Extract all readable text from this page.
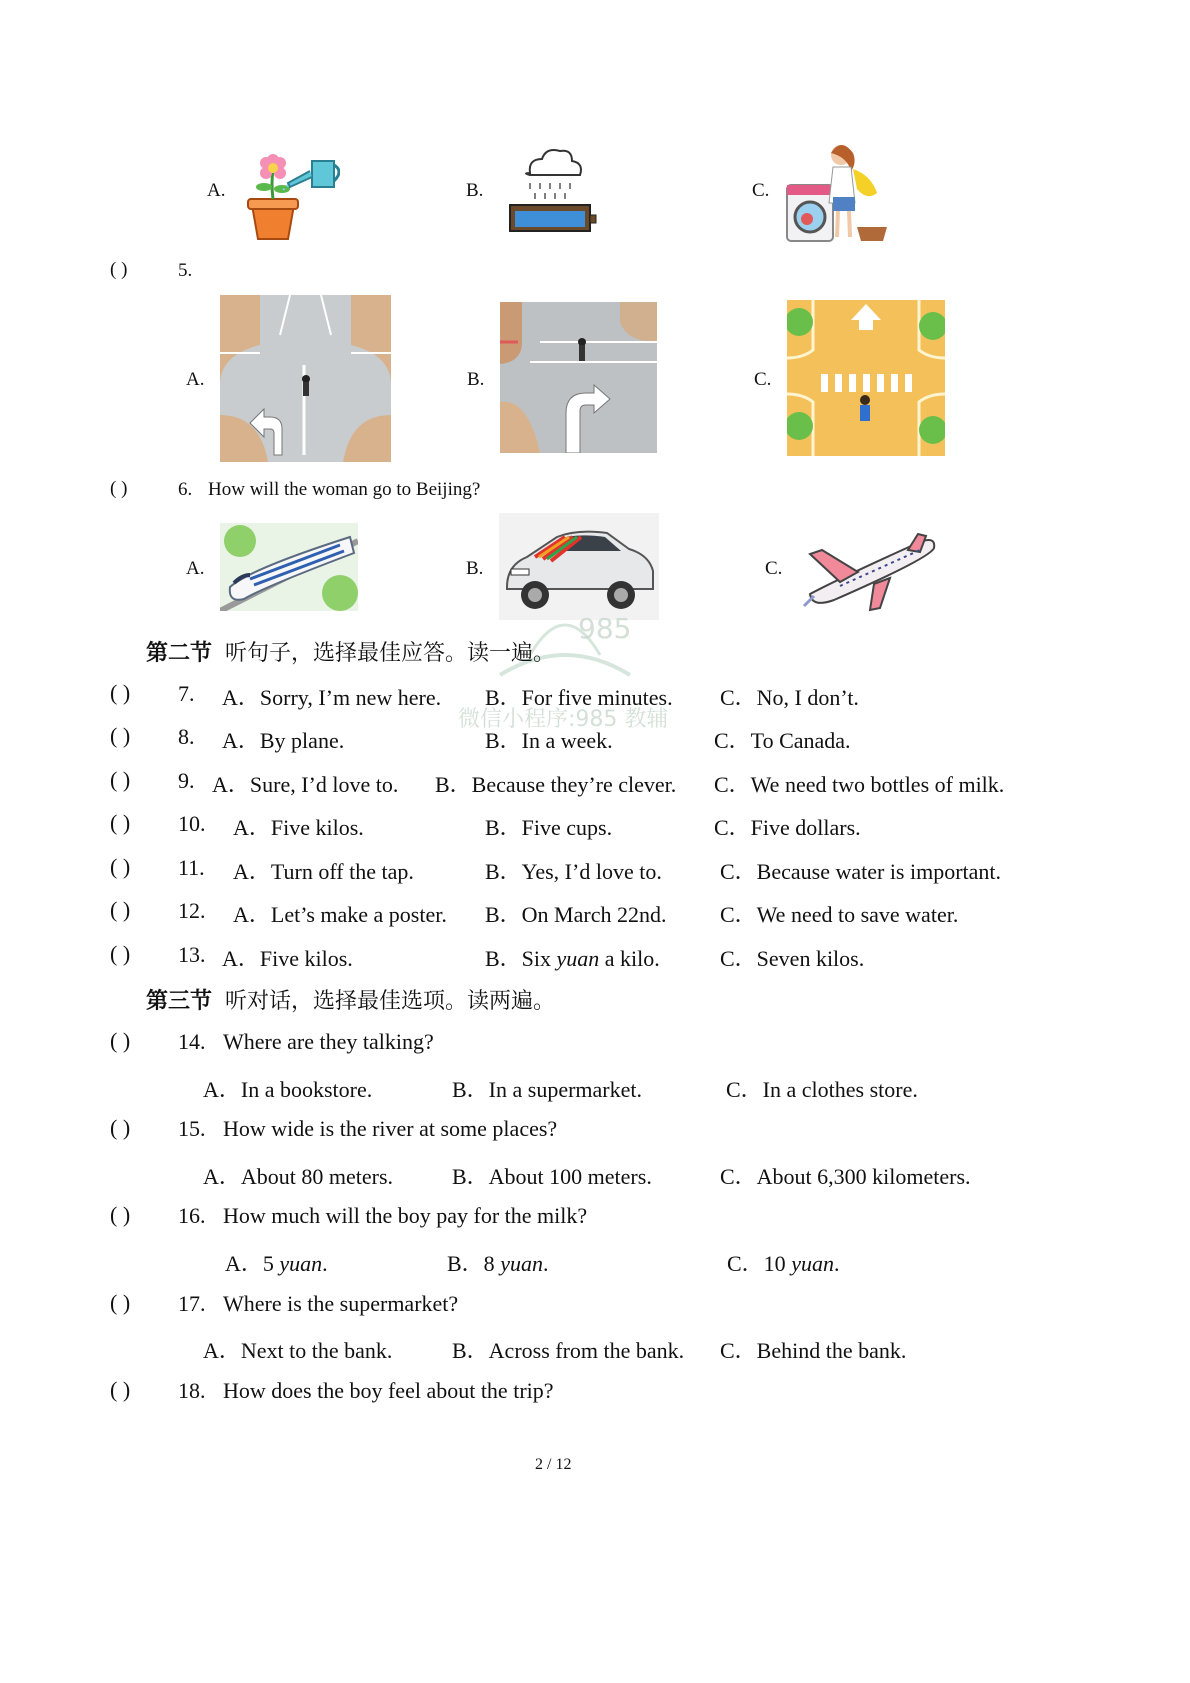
A.	B.	C.
( )	5.
A.	B.	C.
( )	6. How will the woman go to Beijing?
A.	B.	C.
985
微信小程序:985 教辅
第二节 听句子，选择最佳应答。读一遍。
( ) 7. A．Sorry, I’m new here. B．For five minutes. C．No, I don’t.
( ) 8. A．By plane.	B．In a week.	C．To Canada.
( ) 9. A．Sure, I’d love to. B．Because they’re clever. C．We need two bottles of milk.
( ) 10. A．Five kilos.	B．Five cups.	C．Five dollars.
( ) 11. A．Turn off the tap.	B．Yes, I’d love to.	C．Because water is important.
( ) 12. A．Let’s make a poster. B．On March 22nd. C．We need to save water.
( ) 13. A．Five kilos.	B．Six yuan a kilo.	C．Seven kilos.
第三节 听对话，选择最佳选项。读两遍。
( ) 14. Where are they talking?
A．In a bookstore.	B．In a supermarket.	C．In a clothes store.
( ) 15. How wide is the river at some places?
A．About 80 meters.	B．About 100 meters.	C．About 6,300 kilometers.
( ) 16. How much will the boy pay for the milk?
A．5 yuan.	B．8 yuan.	C．10 yuan.
( ) 17. Where is the supermarket?
A．Next to the bank.	B．Across from the bank. C．Behind the bank.
( ) 18. How does the boy feel about the trip?
2 / 12
